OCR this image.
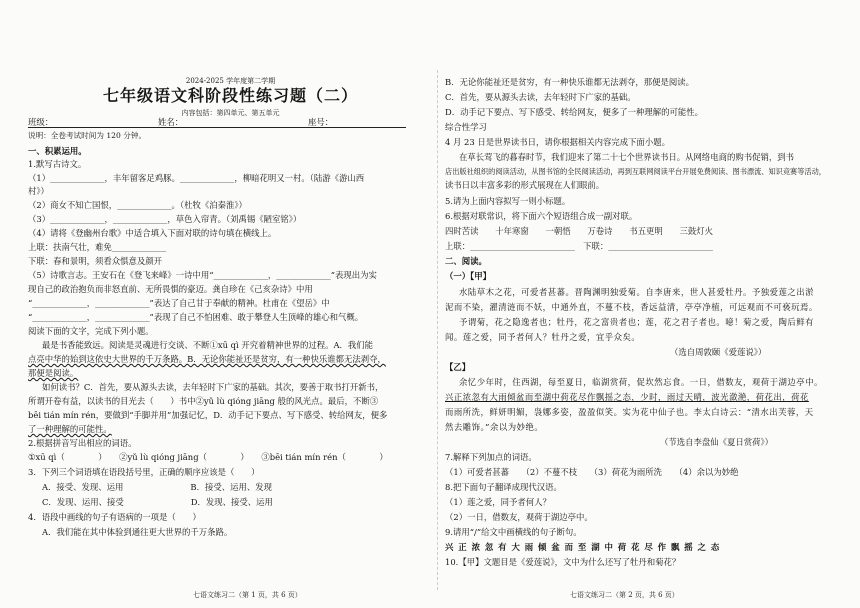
2024-2025 学年度第二学期
七年级语文科阶段性练习题（二）
内容包括：第四单元、第五单元
班级：	姓名：	座号：
说明：全卷考试时间为 120 分钟。
一、积累运用。
1.默写古诗文。
（1）_____________，丰年留客足鸡豚。_____________，柳暗花明又一村。（陆游《游山西
村》）
（2）商女不知亡国恨，_____________。（杜牧《泊秦淮》）
（3）_____________，_____________，草色入帘青。（刘禹锡《陋室铭》）
（4）请将《登幽州台歌》中适合填入下面对联的诗句填在横线上。
上联：扶南气壮，难免_____________
下联：春和景明，须看众惧意及颜开
（5）诗歌言志。王安石在《登飞来峰》一诗中用“_____________，_____________”表现出为实
现自己的政治抱负而非怒直前、无所畏惧的豪迈。龚自珍在《己亥杂诗》中用
“_____________，_____________”表达了自己甘于奉献的精神。杜甫在《望岳》中
“_____________，_____________”表现了自己不怕困难、敢于攀登人生顶峰的雄心和气概。
阅读下面的文字，完成下列小题。
最是书香能致远。阅读是灵魂进行交谈、不断①xū qì 开究着精神世界的过程。A．我们能
点亮中华的始到这依史大世界的千万条路。B．无论你能祉还是贫穷，有一种快乐谁都无法剥夺，
那便是阅读。
如何读书？C．首先，要从源头去读，去年轻时下广家的基础。其次，要善于取书打开新书，
所谓开卷有益，以读书的目光去（　　）书中②yǔ lù qióng jiāng 般的风光点。最后，不断③
bēi tián mín rén，要做到“手脚并用”加强记忆，D．动手记下要点、写下感受、转给网友，便多
了一种理解的可能性。
2.根据拼音写出相应的词语。
①xū qì（　　　　）　　②yǔ lù qióng jiāng（　　　　）　　③bēi tián mín rén（　　　　）
3．下列三个词语填在语段括号里，正确的顺序应该是（　　）
A．接受、发现、运用　　　　　　　　B．接受、运用、发现
C．发现、运用、接受　　　　　　　　D．发现、接受、运用
4．语段中画线的句子有语病的一项是（　　）
A．我们能在其中体验到通往更大世界的千万条路。
七语文练习二（第 1 页，共 6 页）
B．无论你能祉还是贫穷，有一种快乐谁都无法剥夺，那便是阅读。
C．首先，要从源头去读，去年轻时下广家的基础。
D．动手记下要点、写下感受、转给网友，便多了一种理解的可能性。
综合性学习
4 月 23 日是世界读书日，请你根据相关内容完成下面小题。
在草长莺飞的暮春时节，我们迎来了第二十七个世界读书日。从网络电商的购书促销，到书
店出版社组织的阅读活动，从图书馆的全民阅读活动，再到互联网阅读平台开展免费阅读、图书漂流、知识竞赛等活动，
读书日以丰富多彩的形式展现在人们眼前。
5.请为上面内容拟写一则小标题。
6.根据对联常识，将下面六个短语组合成一副对联。
四时苦读　　十年寒窗　　一朝悟　　万卷诗　　书五更明　　三鼓灯火
上联：_________________________　下联：_________________________
二、阅读。
（一）【甲】
水陆草木之花，可爱者甚蕃。晋陶渊明独爱菊。自李唐来，世人甚爱牡丹。予独爱莲之出淤
泥而不染，濯清涟而不妖，中通外直，不蔓不枝，香远益清，亭亭净植，可远观而不可亵玩焉。
予谓菊，花之隐逸者也；牡丹，花之富贵者也；莲，花之君子者也。噫！菊之爱，陶后鲜有
闻。莲之爱，同予者何人？牡丹之爱，宜乎众矣。
（选自周敦颐《爱莲说》）
【乙】
余忆少年时，住西湖，每至夏日，临湖赏荷，促坎然忘食。一日，借数友，观荷于湖边亭中。
兴正浓忽有大雨倾盆而至湖中荷花尽作飘摇之态，少时，雨过天晴，波光潋滟，荷花出，荷花
而雨所洗，鲜妍明媚，袅娜多姿，盈盈似笑。实为花中仙子也。李太白诗云：“清水出芙蓉，天
然去雕饰。”余以为妙绝。
（节选自李盘仙《夏日赏荷》）
7.解释下列加点的词语。
（1）可爱者甚蕃　　（2）不蔓不枝　　（3）荷花为雨所洗　　（4）余以为妙绝
8.把下面句子翻译成现代汉语。
（1）莲之爱，同予者何人？
（2）一日，借数友，观荷于湖边亭中。
9.请用“/”给文中画横线的句子断句。
兴 正 浓 忽 有 大 雨 倾 盆 而 至 湖 中 荷 花 尽 作 飘 摇 之 态
10.【甲】文题目是《爱莲说》，文中为什么还写了牡丹和菊花？
七语文练习二（第 2 页，共 6 页）
